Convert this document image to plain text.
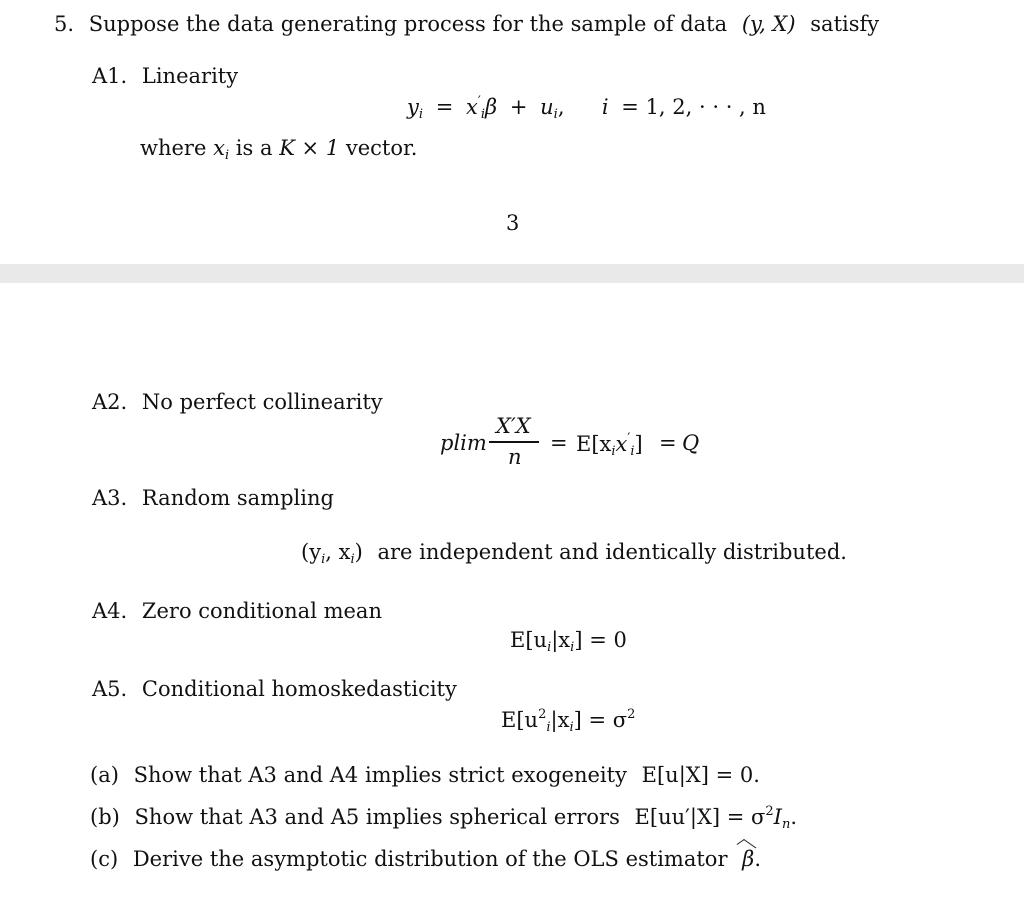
5. Suppose the data generating process for the sample of data (y, X) satisfy
A1. Linearity
$y_i = x'_i\beta + u_i$, i = 1, 2, · · · , n
where $x_i$ is a K × 1 vector.
3
A2. No perfect collinearity
plim
X′X
n
= $E[x_ix'_i] = Q$
A3. Random sampling
($y_i$, $x_i$) are independent and identically distributed.
A4. Zero conditional mean
$E[u_i|x_i] = 0$
A5. Conditional homoskedasticity
$E[u^2_i|x_i] = \sigma^2$
(a) Show that A3 and A4 implies strict exogeneity E[u|X] = 0.
(b) Show that A3 and A5 implies spherical errors $E[uu'|X] = \sigma^2I_n$.
(c) Derive the asymptotic distribution of the OLS estimator β.
